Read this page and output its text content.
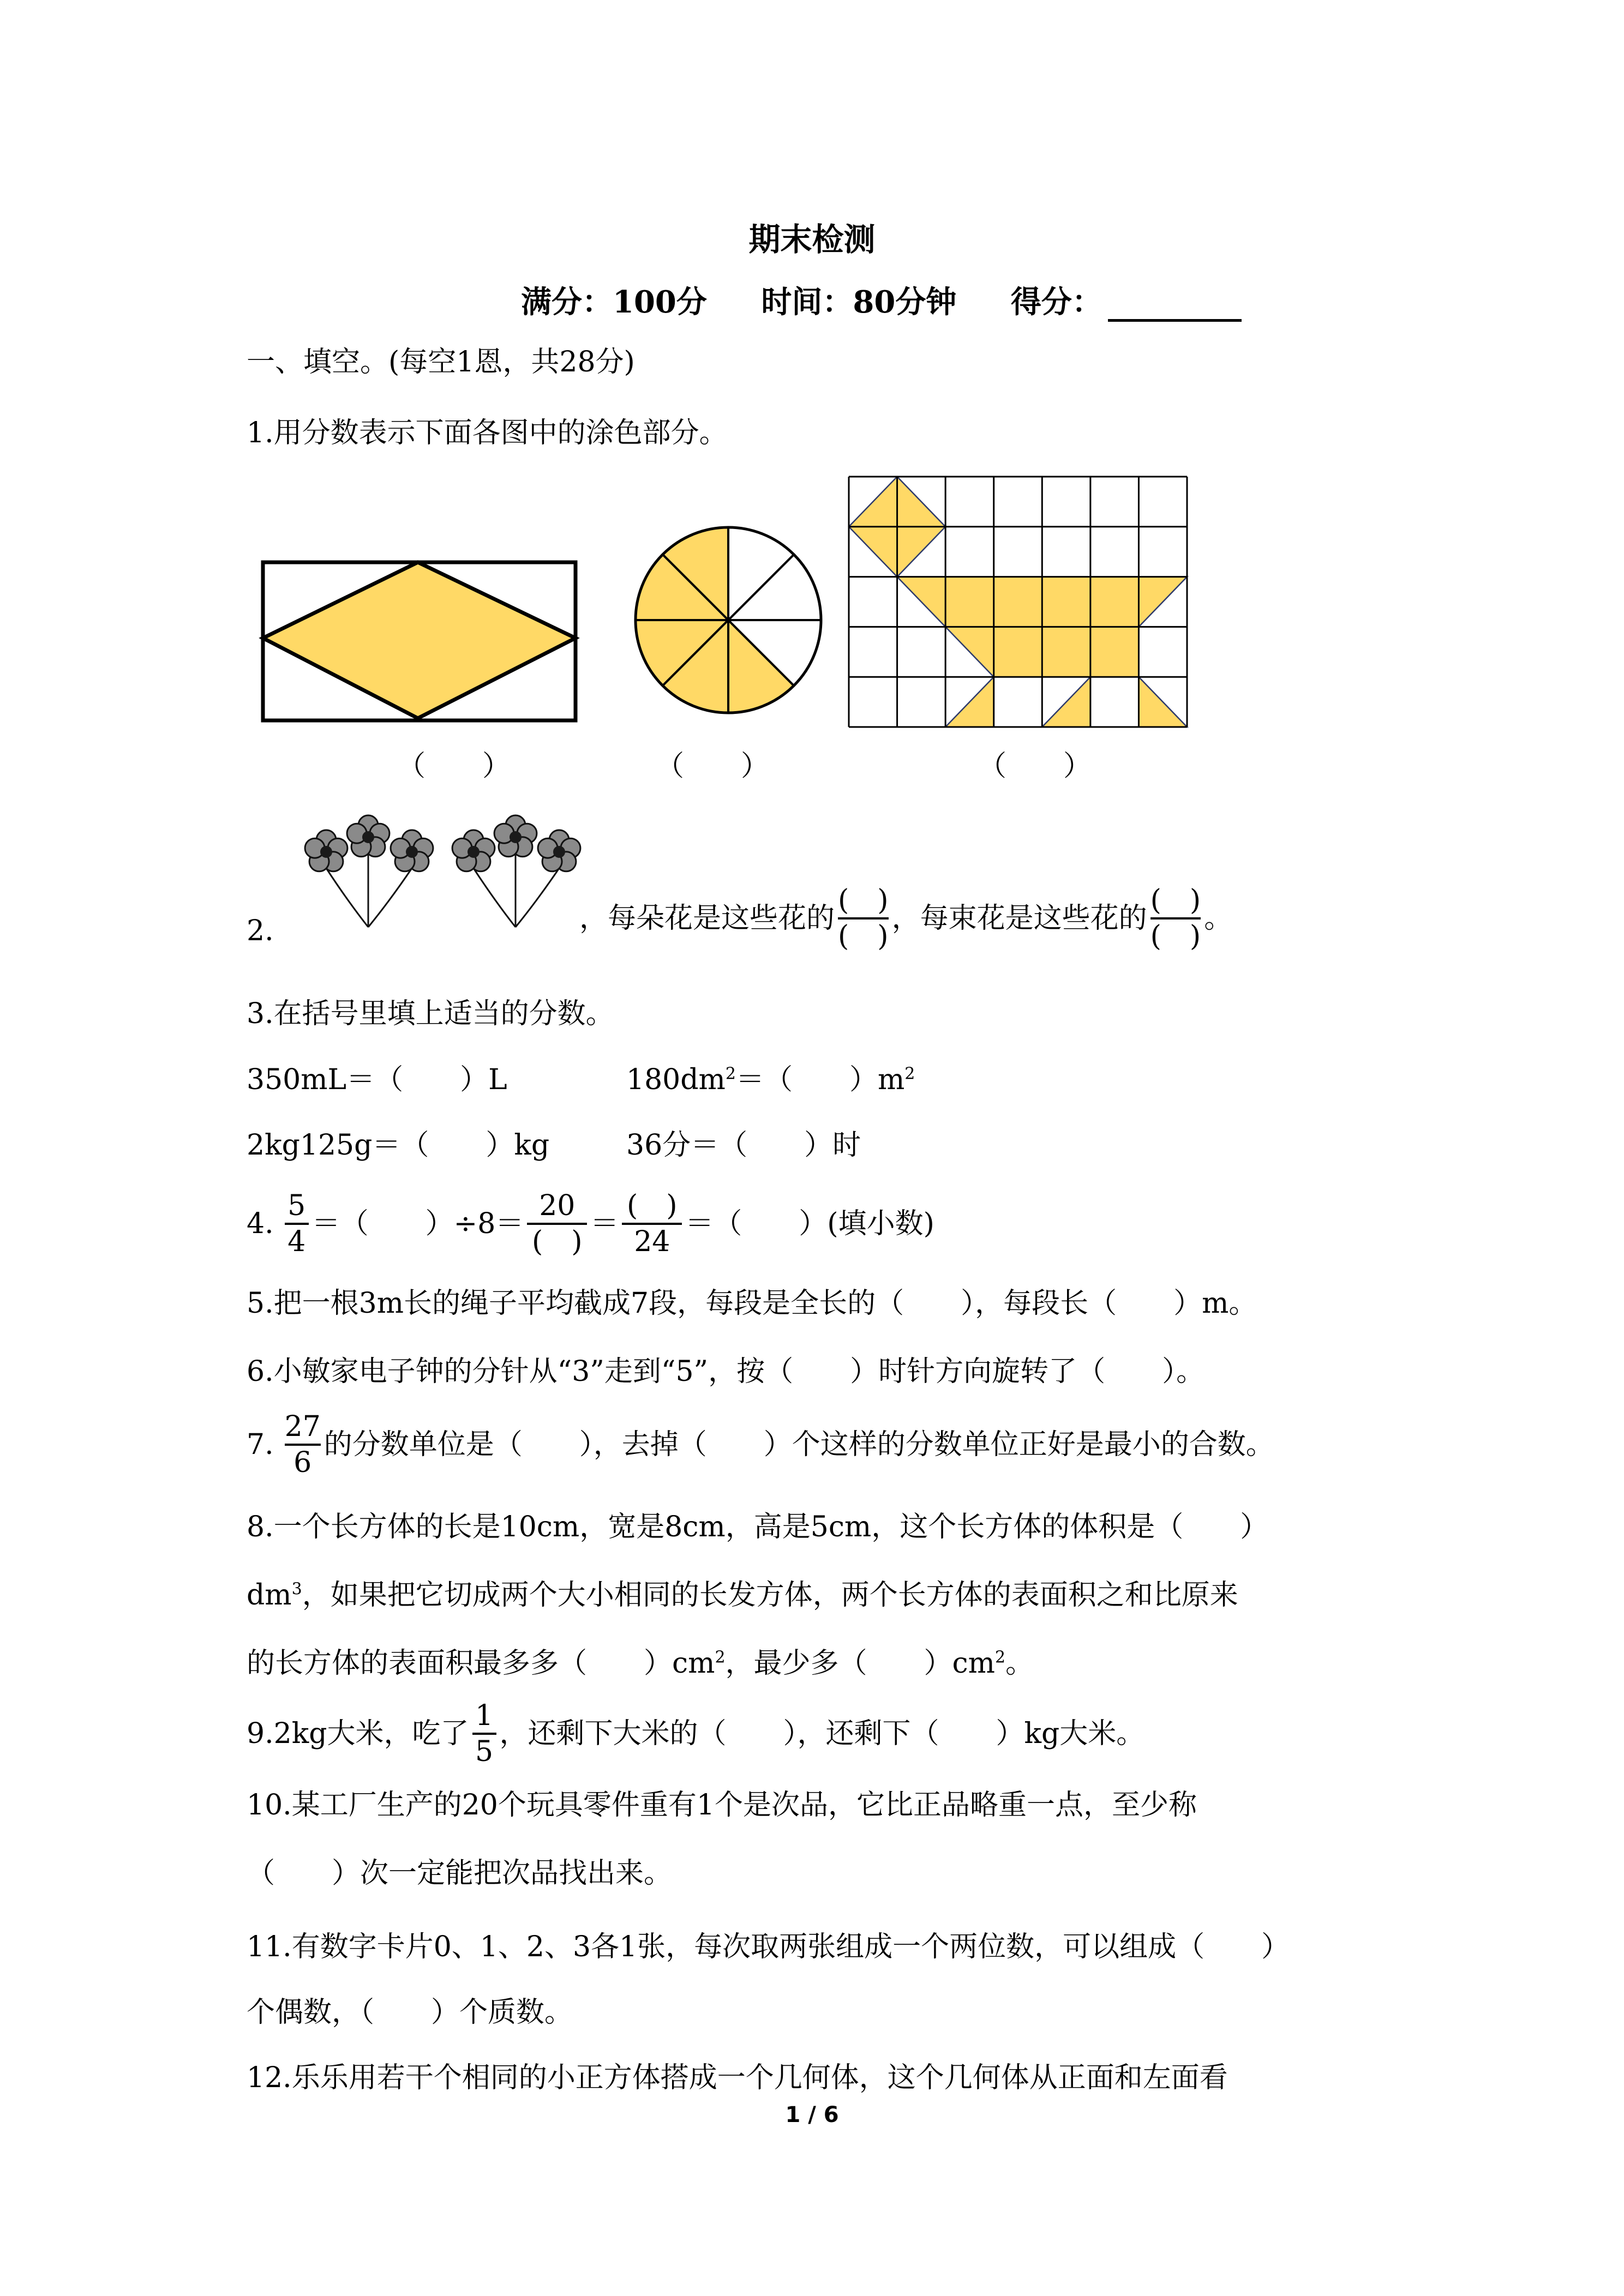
期末检测
满分：100分 时间：80分钟 得分：
一、填空。(每空1恩，共28分)
1.用分数表示下面各图中的涂色部分。
（　　）	（　　）	（　　）
2.	，每朵花是这些花的 $\frac{( )}{( )}$ ，每束花是这些花的 $\frac{( )}{( )}$ 。
3.在括号里填上适当的分数。
350mL＝（　　）L	$180dm^2=$（　　）$m^2$
2kg125g＝（　　）kg	36分＝（　　）时
4. $\frac{5}{4}$ ＝（　　）$\div 8= \frac{20}{( )} = \frac{( )}{24}$ ＝（　　）(填小数)
5.把一根3m长的绳子平均截成7段，每段是全长的（　　），每段长（　　）m。
6.小敏家电子钟的分针从“3”走到“5”，按（　　）时针方向旋转了（　　）。
7. $\frac{27}{6}$ 的分数单位是（　　），去掉（　　）个这样的分数单位正好是最小的合数。
8.一个长方体的长是10cm，宽是8cm，高是5cm，这个长方体的体积是（　　）
$dm^3$，如果把它切成两个大小相同的长发方体，两个长方体的表面积之和比原来
的长方体的表面积最多多（　　）$cm^2$，最少多（　　）$cm^2$。
9.2kg大米，吃了 $\frac{1}{5}$ ，还剩下大米的（　　），还剩下（　　）kg大米。
10.某工厂生产的20个玩具零件重有1个是次品，它比正品略重一点，至少称
（　　）次一定能把次品找出来。
11.有数字卡片0、1、2、3各1张，每次取两张组成一个两位数，可以组成（　　）
个偶数，（　　）个质数。
12.乐乐用若干个相同的小正方体搭成一个几何体，这个几何体从正面和左面看
1 / 6
